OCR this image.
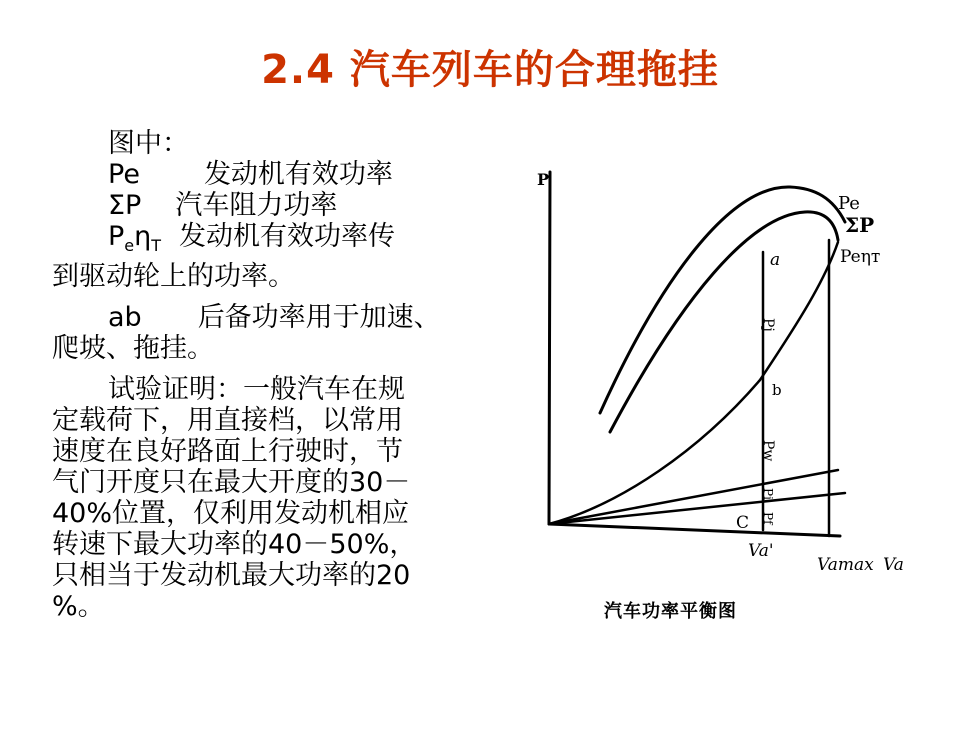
2.4 汽车列车的合理拖挂

图中：

Pe 发动机有效功率

ΣP 汽车阻力功率

$P_e\eta_T$ 发动机有效功率传

到驱动轮上的功率。

ab 后备功率用于加速、

爬坡、拖挂。

试验证明：一般汽车在规

定载荷下，用直接档，以常用

速度在良好路面上行驶时，节

气门开度只在最大开度的30－

40%位置，仅利用发动机相应

转速下最大功率的40－50%，

只相当于发动机最大功率的20

%。

P
Pe
ΣP
Peηт
a
b
C
Pj
Pw
Pi
Pf
Va'
Vamax Va
汽车功率平衡图
